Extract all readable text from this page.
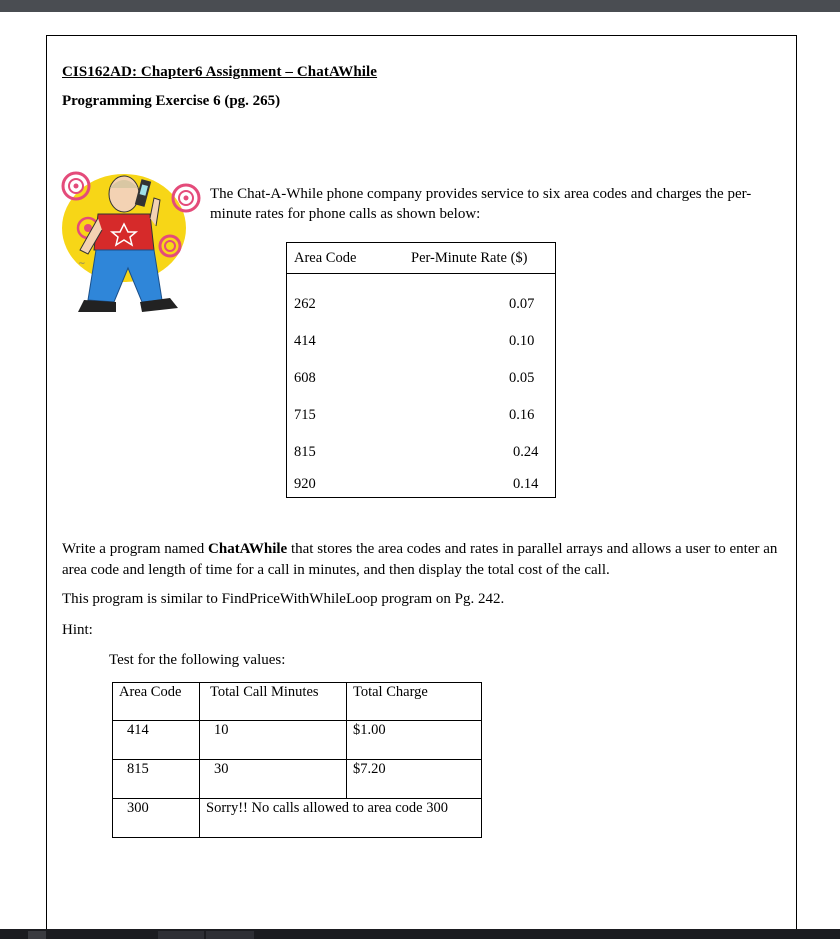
CIS162AD: Chapter6 Assignment – ChatAWhile
Programming Exercise 6 (pg. 265)
~
The Chat-A-While phone company provides service to six area codes and charges the per-minute rates for phone calls as shown below:
Area Code	Per-Minute Rate ($)
262	0.07
414	0.10
608	0.05
715	0.16
815	0.24
920	0.14
Write a program named ChatAWhile that stores the area codes and rates in parallel arrays and allows a user to enter an area code and length of time for a call in minutes, and then display the total cost of the call.
This program is similar to FindPriceWithWhileLoop program on Pg. 242.
Hint:
Test for the following values:
Area Code	Total Call Minutes	Total Charge
414	10	$1.00
815	30	$7.20
300	Sorry!! No calls allowed to area code 300	
